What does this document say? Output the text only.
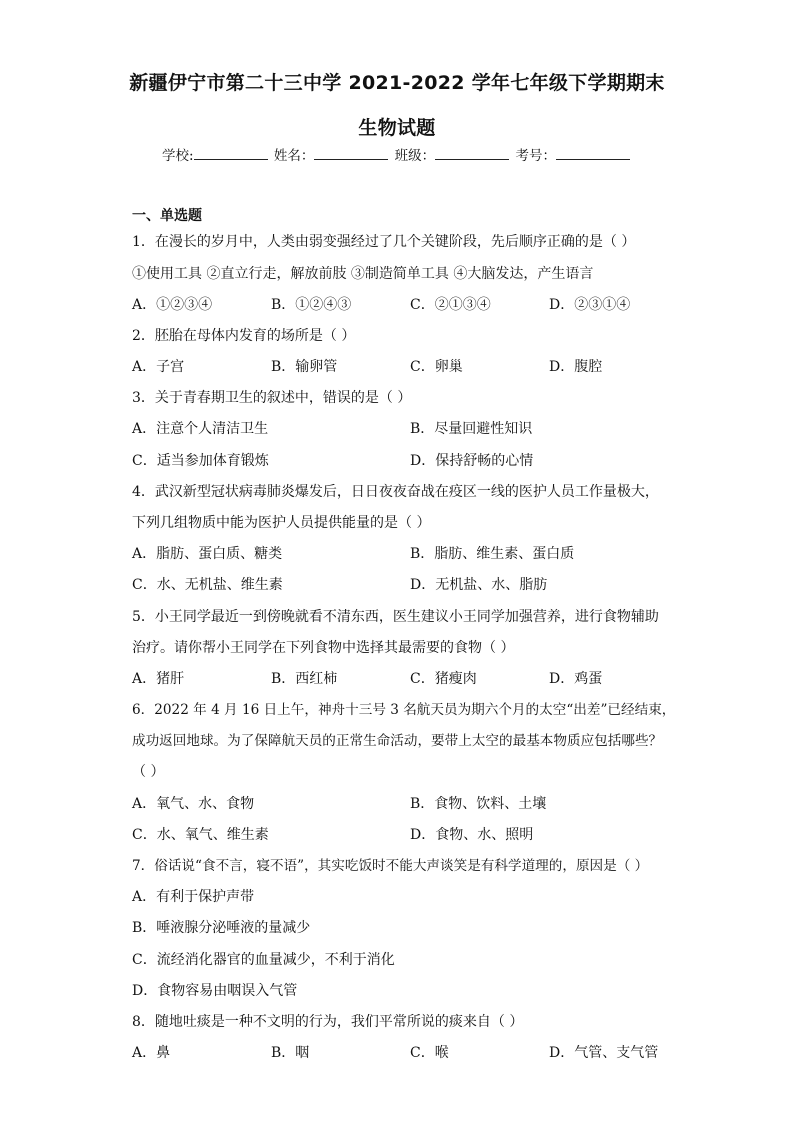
新疆伊宁市第二十三中学 2021-2022 学年七年级下学期期末
生物试题
学校:	姓名：	班级：	考号：
一、单选题
1．在漫长的岁月中，人类由弱变强经过了几个关键阶段，先后顺序正确的是（ ）
①使用工具 ②直立行走，解放前肢 ③制造简单工具 ④大脑发达，产生语言
A．①②③④	B．①②④③	C．②①③④	D．②③①④
2．胚胎在母体内发育的场所是（ ）
A．子宫	B．输卵管	C．卵巢	D．腹腔
3．关于青春期卫生的叙述中，错误的是（ ）
A．注意个人清洁卫生	B．尽量回避性知识
C．适当参加体育锻炼	D．保持舒畅的心情
4．武汉新型冠状病毒肺炎爆发后，日日夜夜奋战在疫区一线的医护人员工作量极大，
下列几组物质中能为医护人员提供能量的是（ ）
A．脂肪、蛋白质、糖类	B．脂肪、维生素、蛋白质
C．水、无机盐、维生素	D．无机盐、水、脂肪
5．小王同学最近一到傍晚就看不清东西，医生建议小王同学加强营养，进行食物辅助
治疗。请你帮小王同学在下列食物中选择其最需要的食物（ ）
A．猪肝	B．西红柿	C．猪瘦肉	D．鸡蛋
6．2022 年 4 月 16 日上午，神舟十三号 3 名航天员为期六个月的太空“出差”已经结束，
成功返回地球。为了保障航天员的正常生命活动，要带上太空的最基本物质应包括哪些？
（ ）
A．氧气、水、食物	B．食物、饮料、土壤
C．水、氧气、维生素	D．食物、水、照明
7．俗话说“食不言，寝不语”，其实吃饭时不能大声谈笑是有科学道理的，原因是（ ）
A．有利于保护声带
B．唾液腺分泌唾液的量减少
C．流经消化器官的血量减少，不利于消化
D．食物容易由咽误入气管
8．随地吐痰是一种不文明的行为，我们平常所说的痰来自（ ）
A．鼻	B．咽	C．喉	D．气管、支气管
